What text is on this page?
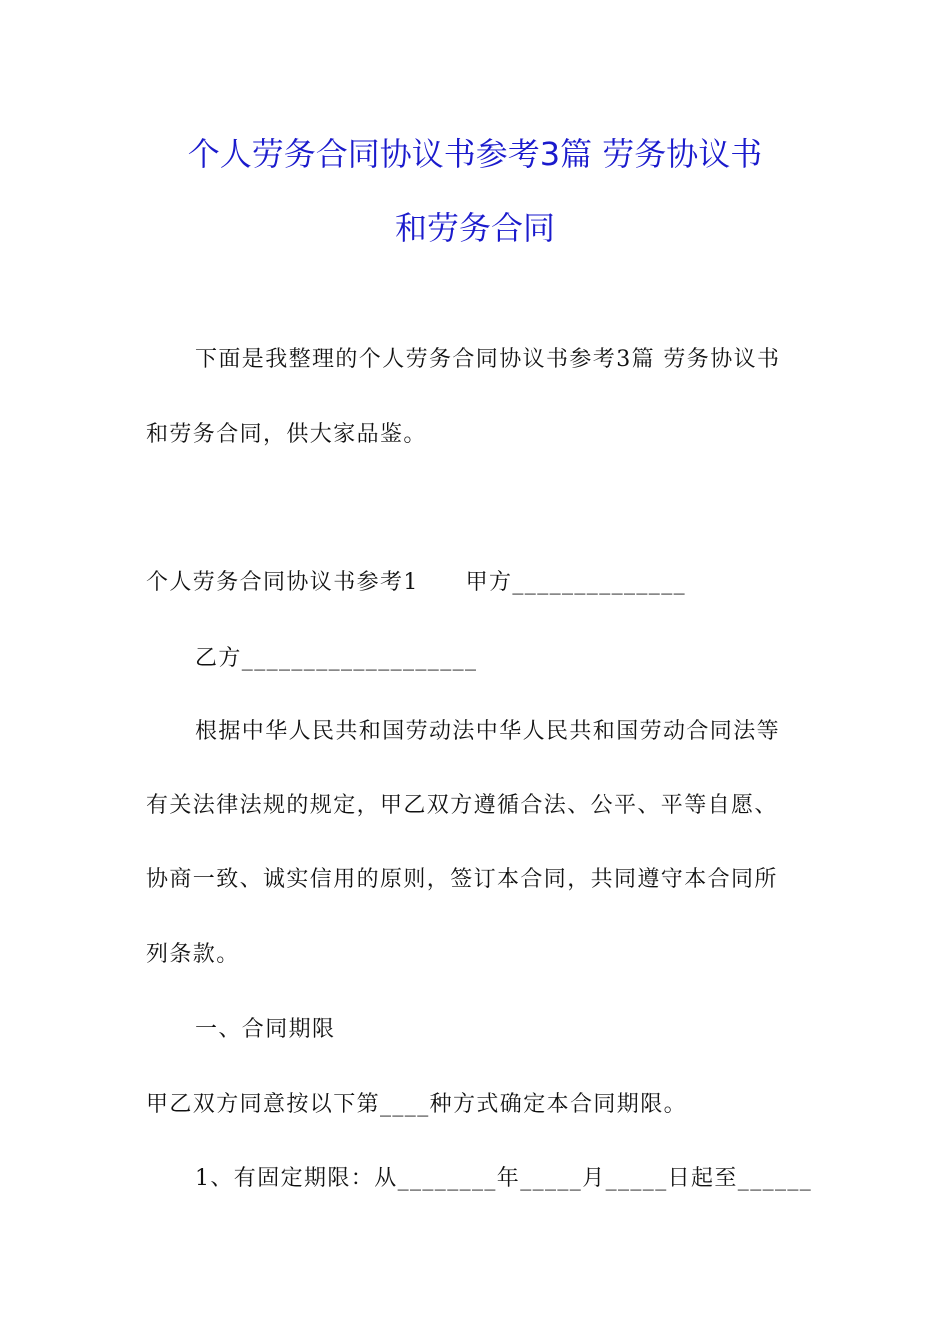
个人劳务合同协议书参考3篇 劳务协议书
和劳务合同
下面是我整理的个人劳务合同协议书参考3篇 劳务协议书
和劳务合同，供大家品鉴。
个人劳务合同协议书参考1　　甲方______________
乙方___________________
根据中华人民共和国劳动法中华人民共和国劳动合同法等
有关法律法规的规定，甲乙双方遵循合法、公平、平等自愿、
协商一致、诚实信用的原则，签订本合同，共同遵守本合同所
列条款。
一、合同期限
甲乙双方同意按以下第____种方式确定本合同期限。
1、有固定期限：从________年_____月_____日起至______
